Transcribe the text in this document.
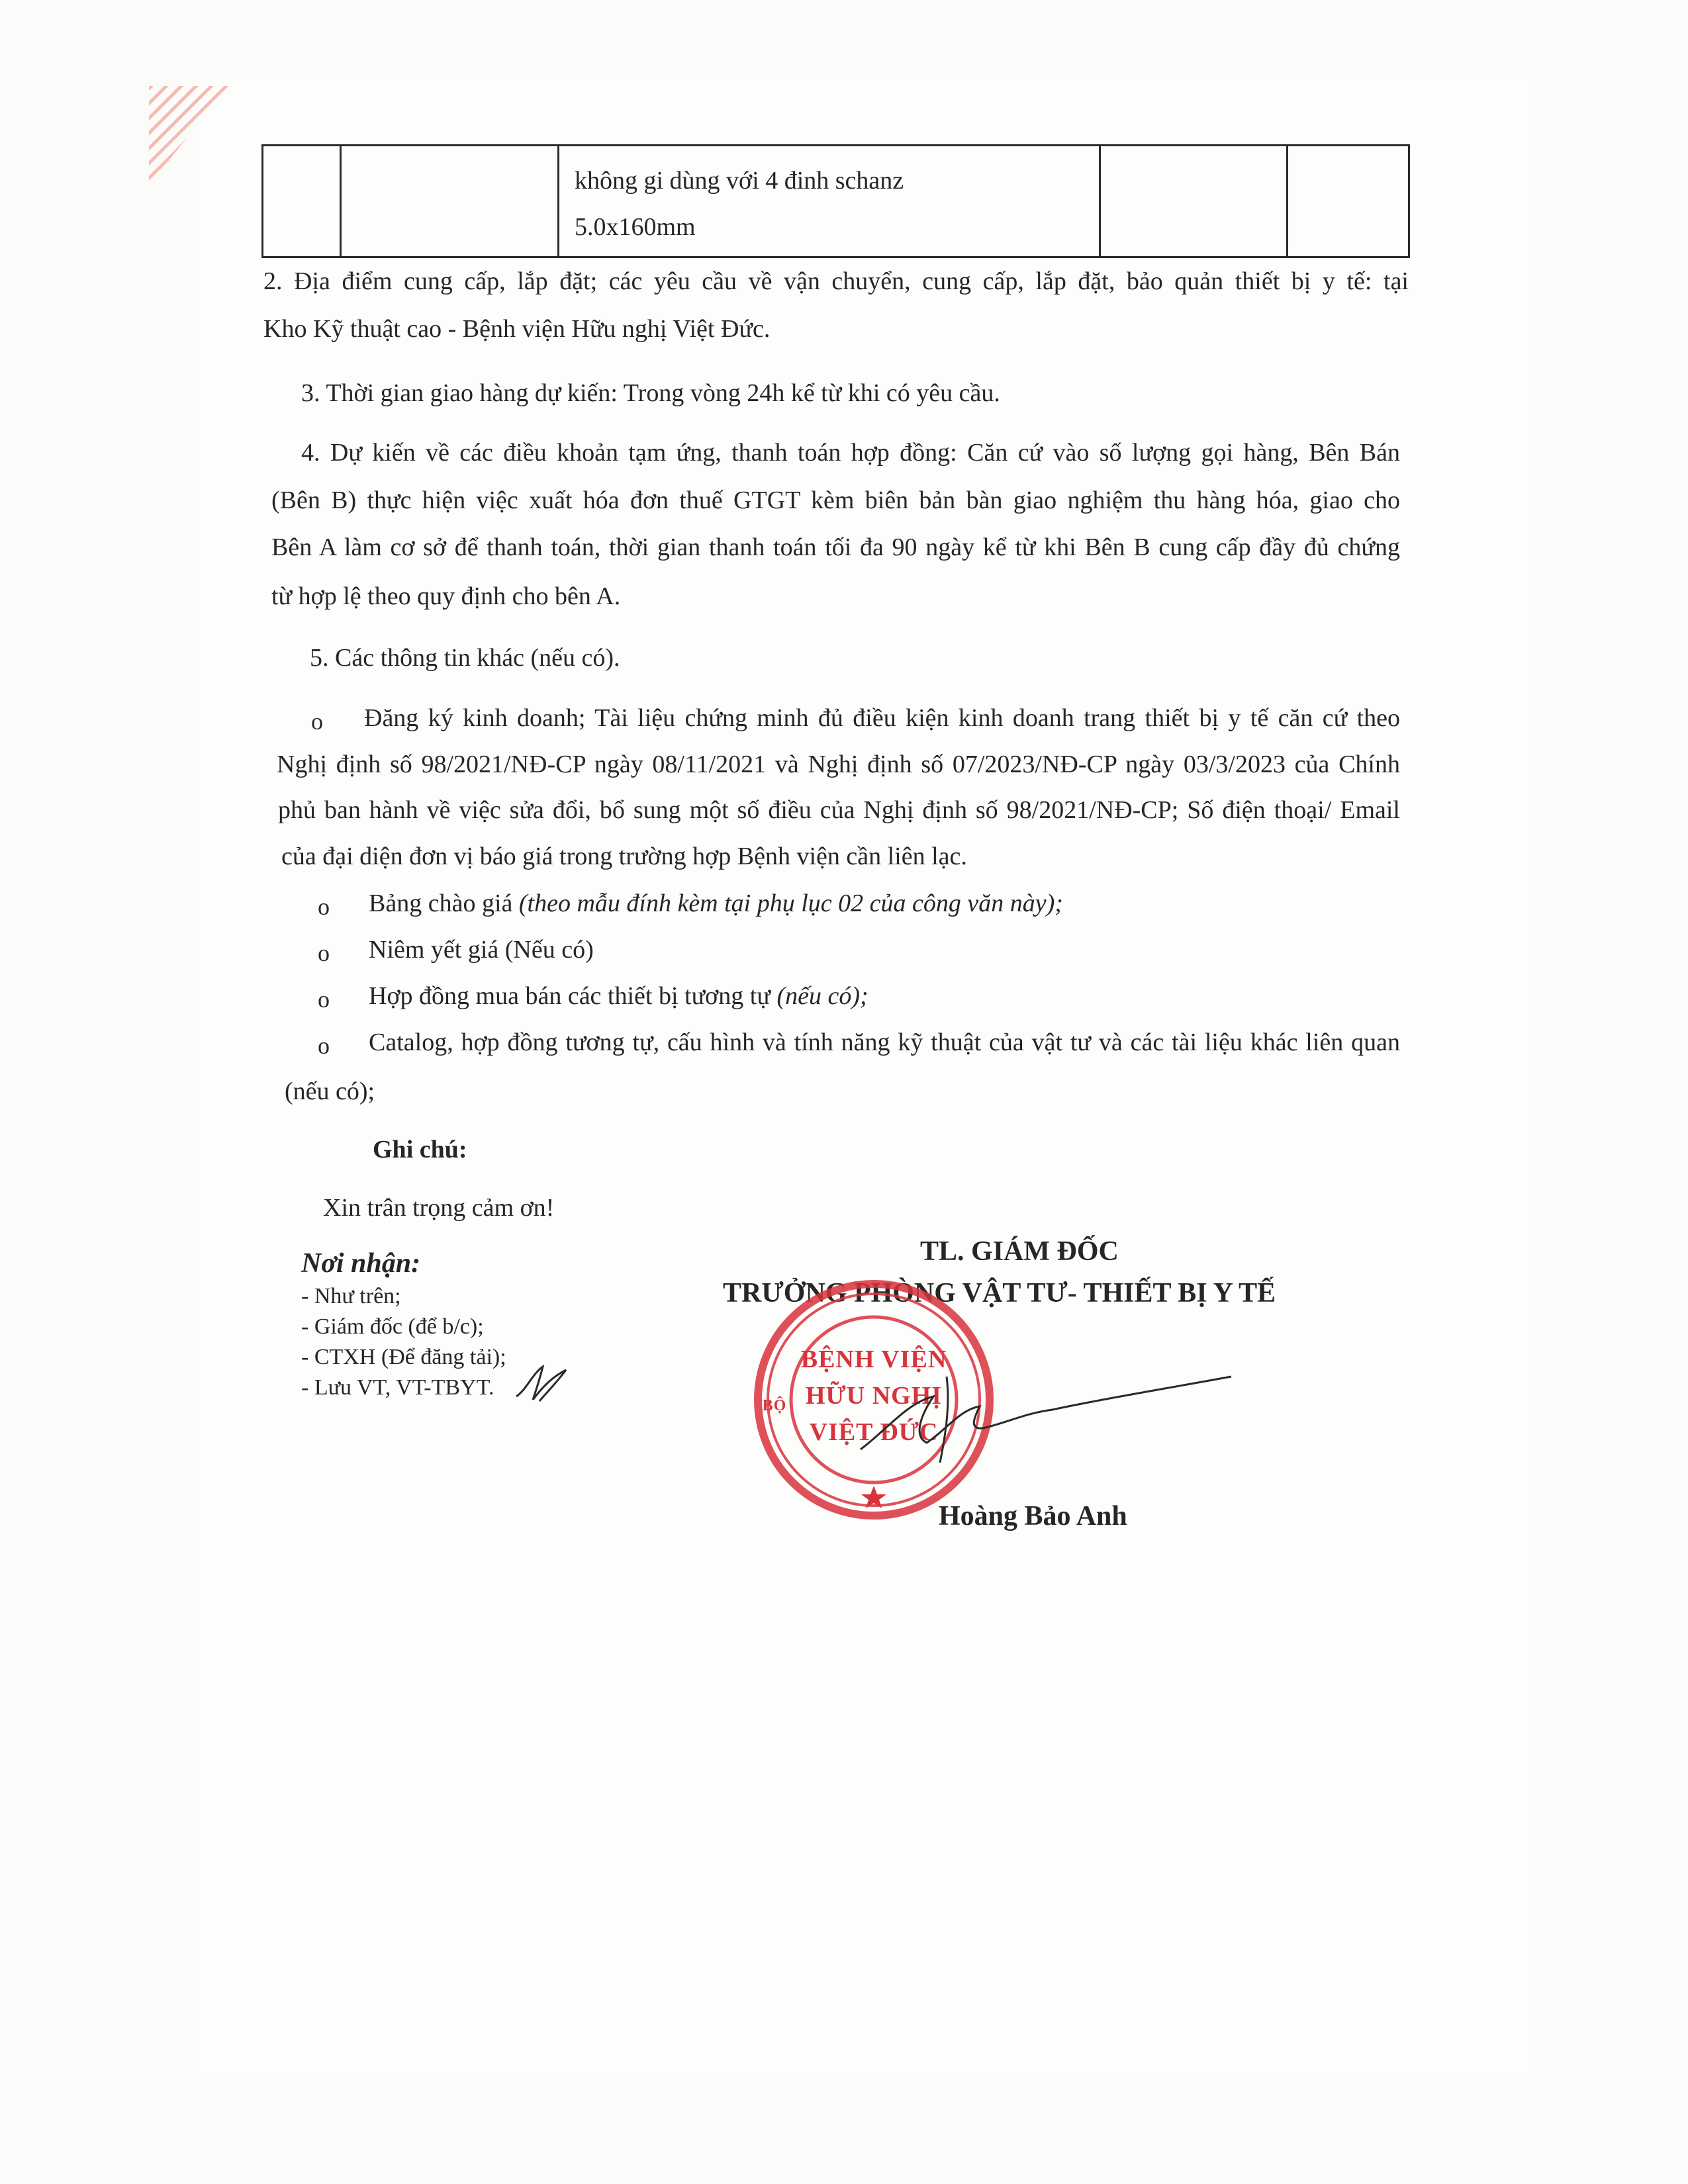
không gi dùng với 4 đinh schanz
5.0x160mm
2. Địa điểm cung cấp, lắp đặt; các yêu cầu về vận chuyển, cung cấp, lắp đặt, bảo quản thiết bị y tế: tại
Kho Kỹ thuật cao - Bệnh viện Hữu nghị Việt Đức.
3. Thời gian giao hàng dự kiến: Trong vòng 24h kể từ khi có yêu cầu.
4. Dự kiến về các điều khoản tạm ứng, thanh toán hợp đồng: Căn cứ vào số lượng gọi hàng, Bên Bán
(Bên B) thực hiện việc xuất hóa đơn thuế GTGT kèm biên bản bàn giao nghiệm thu hàng hóa, giao cho
Bên A làm cơ sở để thanh toán, thời gian thanh toán tối đa 90 ngày kể từ khi Bên B cung cấp đầy đủ chứng
từ hợp lệ theo quy định cho bên A.
5. Các thông tin khác (nếu có).
o Đăng ký kinh doanh; Tài liệu chứng minh đủ điều kiện kinh doanh trang thiết bị y tế căn cứ theo
Nghị định số 98/2021/NĐ-CP ngày 08/11/2021 và Nghị định số 07/2023/NĐ-CP ngày 03/3/2023 của Chính
phủ ban hành về việc sửa đổi, bổ sung một số điều của Nghị định số 98/2021/NĐ-CP; Số điện thoại/ Email
của đại diện đơn vị báo giá trong trường hợp Bệnh viện cần liên lạc.
o Bảng chào giá (theo mẫu đính kèm tại phụ lục 02 của công văn này);
o Niêm yết giá (Nếu có)
o Hợp đồng mua bán các thiết bị tương tự (nếu có);
o Catalog, hợp đồng tương tự, cấu hình và tính năng kỹ thuật của vật tư và các tài liệu khác liên quan
(nếu có);
Ghi chú:
Xin trân trọng cảm ơn!
Nơi nhận:
- Như trên;
- Giám đốc (để b/c);
- CTXH (Để đăng tải);
- Lưu VT, VT-TBYT.
TL. GIÁM ĐỐC
TRƯỞNG PHÒNG VẬT TƯ- THIẾT BỊ Y TẾ
BỆNH VIỆN
HỮU NGHỊ
VIỆT ĐỨC
BỘ
Hoàng Bảo Anh
